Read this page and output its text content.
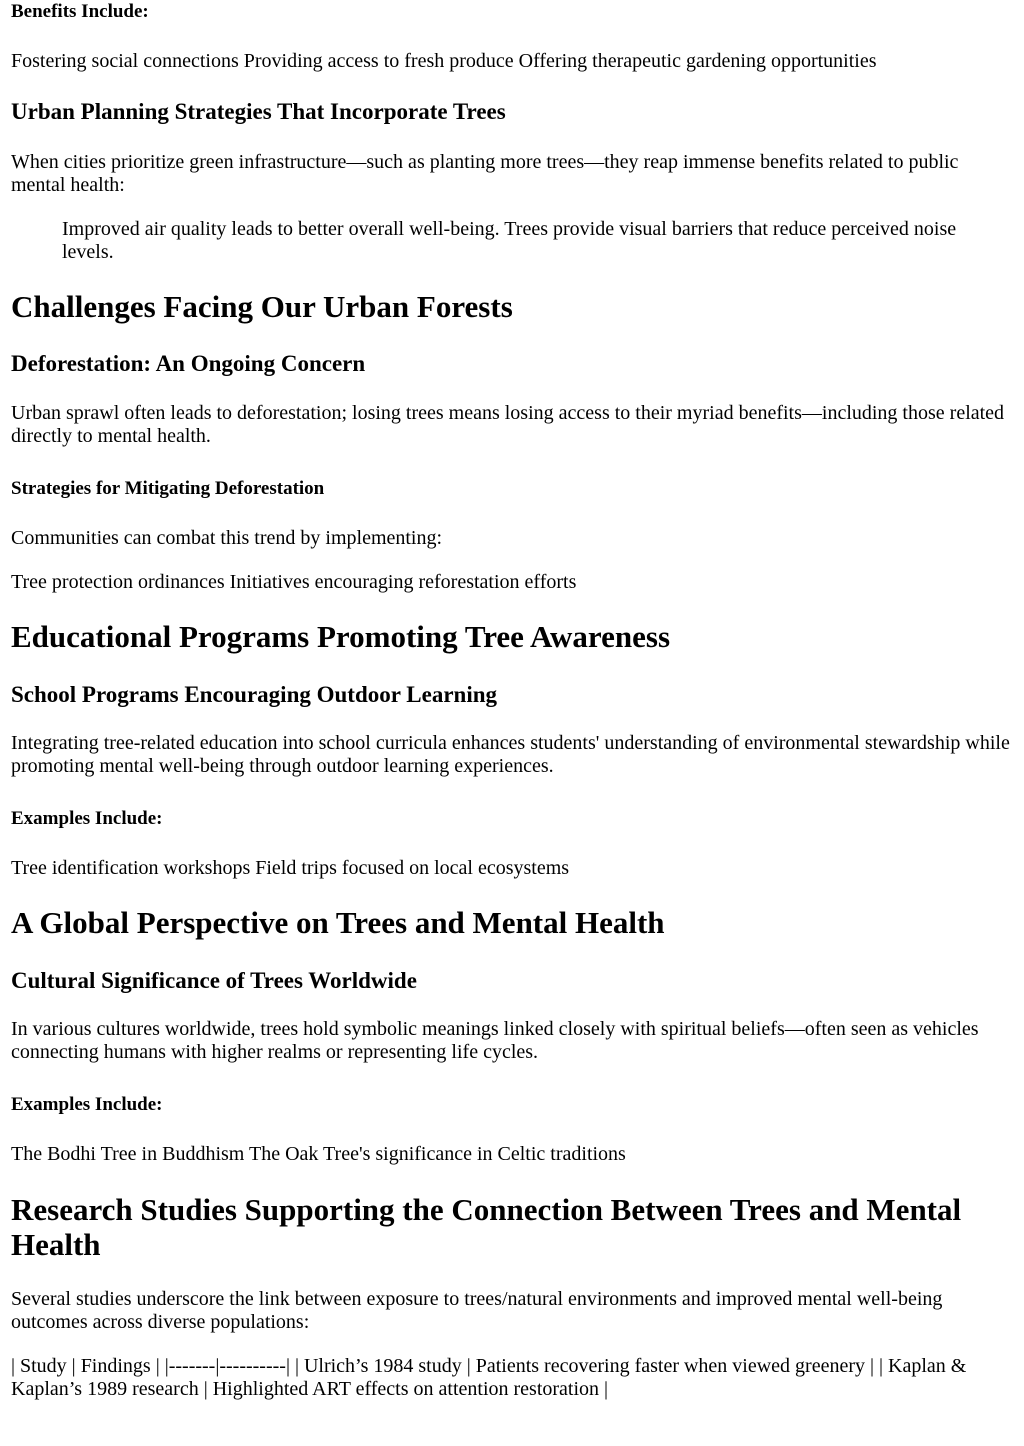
Benefits Include:

Fostering social connections Providing access to fresh produce Offering therapeutic gardening opportunities

Urban Planning Strategies That Incorporate Trees

When cities prioritize green infrastructure—such as planting more trees—they reap immense benefits related to public mental health:

Improved air quality leads to better overall well-being. Trees provide visual barriers that reduce perceived noise levels.
Challenges Facing Our Urban Forests
Deforestation: An Ongoing Concern

Urban sprawl often leads to deforestation; losing trees means losing access to their myriad benefits—including those related directly to mental health.

Strategies for Mitigating Deforestation

Communities can combat this trend by implementing:

Tree protection ordinances Initiatives encouraging reforestation efforts

Educational Programs Promoting Tree Awareness
School Programs Encouraging Outdoor Learning

Integrating tree-related education into school curricula enhances students' understanding of environmental stewardship while promoting mental well-being through outdoor learning experiences.

Examples Include:

Tree identification workshops Field trips focused on local ecosystems

A Global Perspective on Trees and Mental Health
Cultural Significance of Trees Worldwide

In various cultures worldwide, trees hold symbolic meanings linked closely with spiritual beliefs—often seen as vehicles connecting humans with higher realms or representing life cycles.

Examples Include:

The Bodhi Tree in Buddhism The Oak Tree's significance in Celtic traditions

Research Studies Supporting the Connection Between Trees and Mental Health

Several studies underscore the link between exposure to trees/natural environments and improved mental well-being outcomes across diverse populations:

| Study | Findings | |-------|----------| | Ulrich’s 1984 study | Patients recovering faster when viewed greenery | | Kaplan & Kaplan’s 1989 research | Highlighted ART effects on attention restoration |
